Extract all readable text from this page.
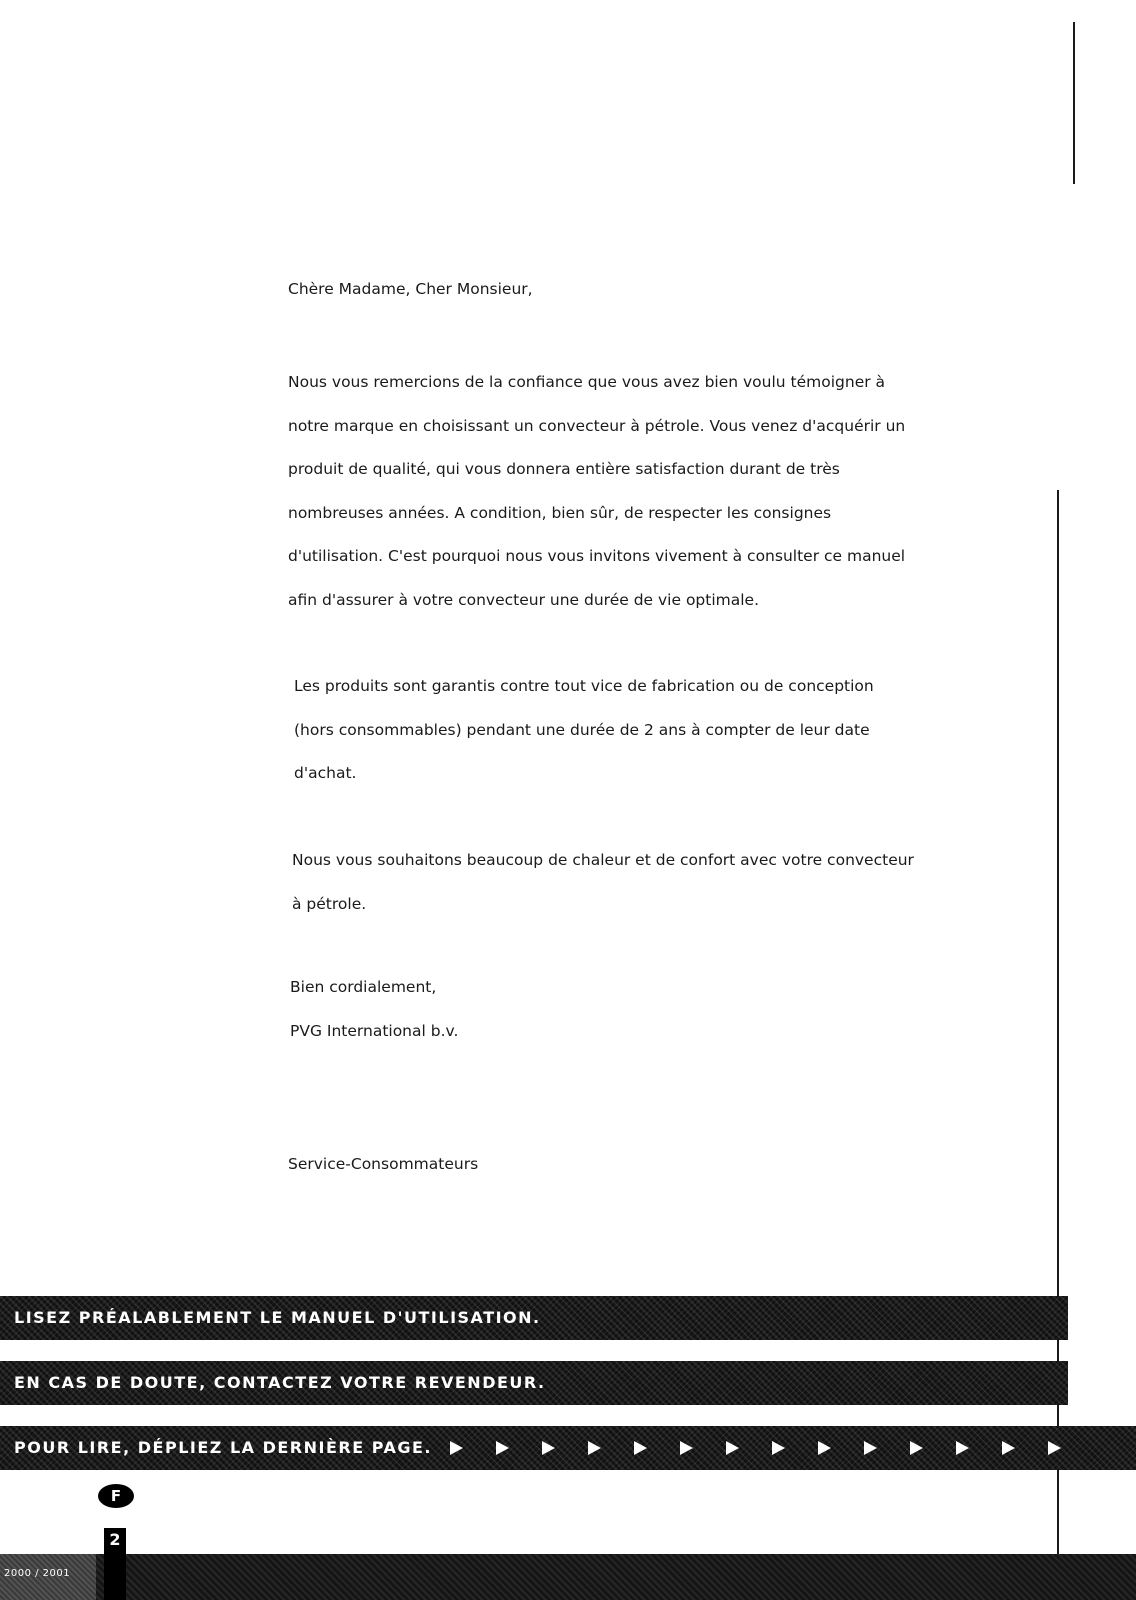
Chère Madame, Cher Monsieur,
Nous vous remercions de la confiance que vous avez bien voulu témoigner à
notre marque en choisissant un convecteur à pétrole. Vous venez d'acquérir un
produit de qualité, qui vous donnera entière satisfaction durant de très
nombreuses années. A condition, bien sûr, de respecter les consignes
d'utilisation. C'est pourquoi nous vous invitons vivement à consulter ce manuel
afin d'assurer à votre convecteur une durée de vie optimale.
Les produits sont garantis contre tout vice de fabrication ou de conception
(hors consommables) pendant une durée de 2 ans à compter de leur date
d'achat.
Nous vous souhaitons beaucoup de chaleur et de confort avec votre convecteur
à pétrole.
Bien cordialement,
PVG International b.v.
Service-Consommateurs
LISEZ PRÉALABLEMENT LE MANUEL D'UTILISATION.
EN CAS DE DOUTE, CONTACTEZ VOTRE REVENDEUR.
POUR LIRE, DÉPLIEZ LA DERNIÈRE PAGE.
F
2000 / 2001
2
